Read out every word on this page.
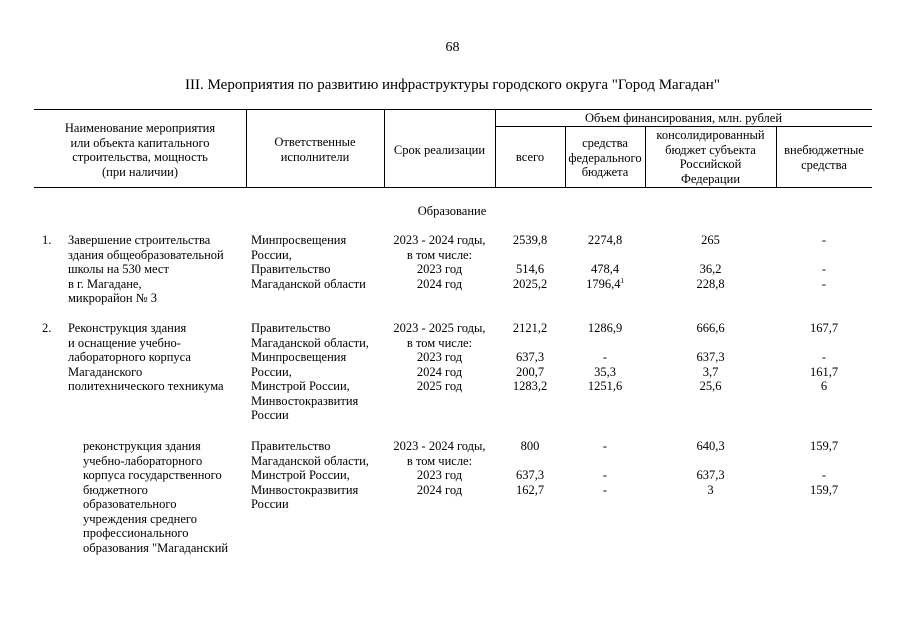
68
III. Мероприятия по развитию инфраструктуры городского округа "Город Магадан"
Наименование мероприятия
или объекта капитального
строительства, мощность
(при наличии)
Ответственные
исполнители	Срок реализации
Объем финансирования, млн. рублей
всего
средства
федерального
бюджета
консолидированный
бюджет субъекта
Российской
Федерации
внебюджетные
средства
Образование
1. Завершение строительства
здания общеобразовательной
школы на 530 мест
в г. Магадане,
микрорайон № 3
Минпросвещения
России,
Правительство
Магаданской области
2023 - 2024 годы,
в том числе:
2023 год
2024 год
2539,8
514,6
2025,2
2274,8
478,4
1796,4$^1$
265
36,2
228,8
-
-
-
2. Реконструкция здания
и оснащение учебно-
лабораторного корпуса
Магаданского
политехнического техникума
Правительство
Магаданской области,
Минпросвещения
России,
Минстрой России,
Минвостокразвития
России
2023 - 2025 годы,
в том числе:
2023 год
2024 год
2025 год
2121,2
637,3
200,7
1283,2
1286,9
-
35,3
1251,6
666,6
637,3
3,7
25,6
167,7
-
161,7
6
реконструкция здания
учебно-лабораторного
корпуса государственного
бюджетного
образовательного
учреждения среднего
профессионального
образования "Магаданский
Правительство
Магаданской области,
Минстрой России,
Минвостокразвития
России
2023 - 2024 годы,
в том числе:
2023 год
2024 год
800
637,3
162,7
-
-
-
640,3
637,3
3
159,7
-
159,7
